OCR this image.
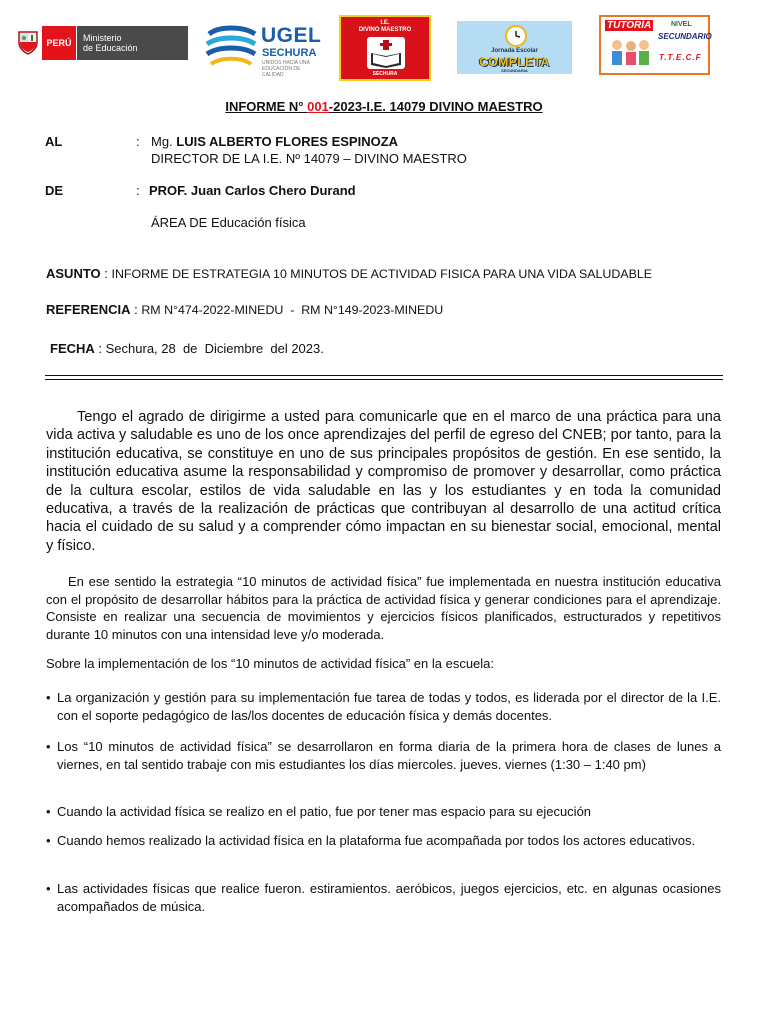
PERÚ	Ministerio
de Educación
UGEL
SECHURA
UNIDOS HACIA UNA
EDUCACIÓN DE CALIDAD
I.E.
DIVINO MAESTRO
SECHURA
Jornada Escolar
COMPLETA
SECUNDARIA
TUTORÍA	NIVEL
SECUNDARIO
T.T.E.C.F
INFORME N° 001-2023-I.E. 14079 DIVINO MAESTRO
AL	: Mg. LUIS ALBERTO FLORES ESPINOZA
DIRECTOR DE LA I.E. Nº 14079 – DIVINO MAESTRO
DE	: PROF. Juan Carlos Chero Durand
ÁREA DE Educación física
ASUNTO : INFORME DE ESTRATEGIA 10 MINUTOS DE ACTIVIDAD FISICA PARA UNA VIDA SALUDABLE
REFERENCIA : RM N°474-2022-MINEDU  -  RM N°149-2023-MINEDU
FECHA : Sechura, 28  de  Diciembre  del 2023.

Tengo el agrado de dirigirme a usted para comunicarle que en el marco de una práctica para una vida activa y saludable es uno de los once aprendizajes del perfil de egreso del CNEB; por tanto, para la institución educativa, se constituye en uno de sus principales propósitos de gestión. En ese sentido, la institución educativa asume la responsabilidad y compromiso de promover y desarrollar, como práctica de la cultura escolar, estilos de vida saludable en las y los estudiantes y en toda la comunidad educativa, a través de la realización de prácticas que contribuyan al desarrollo de una actitud crítica hacia el cuidado de su salud y a comprender cómo impactan en su bienestar social, emocional, mental y físico.

En ese sentido la estrategia “10 minutos de actividad física” fue implementada en nuestra institución educativa con el propósito de desarrollar hábitos para la práctica de actividad física y generar condiciones para el aprendizaje. Consiste en realizar una secuencia de movimientos y ejercicios físicos planificados, estructurados y repetitivos durante 10 minutos con una intensidad leve y/o moderada.

Sobre la implementación de los “10 minutos de actividad física” en la escuela:

• La organización y gestión para su implementación fue tarea de todas y todos, es liderada por el director de la I.E. con el soporte pedagógico de las/los docentes de educación física y demás docentes.
• Los “10 minutos de actividad física” se desarrollaron en forma diaria de la primera hora de clases de lunes a viernes, en tal sentido trabaje con mis estudiantes los días miercoles. jueves. viernes (1:30 – 1:40 pm)
• Cuando la actividad física se realizo en el patio, fue por tener mas espacio para su ejecución
• Cuando hemos realizado la actividad física en la plataforma fue acompañada por todos los actores educativos.
• Las actividades físicas que realice fueron. estiramientos. aeróbicos, juegos ejercicios, etc. en algunas ocasiones acompañados de música.
